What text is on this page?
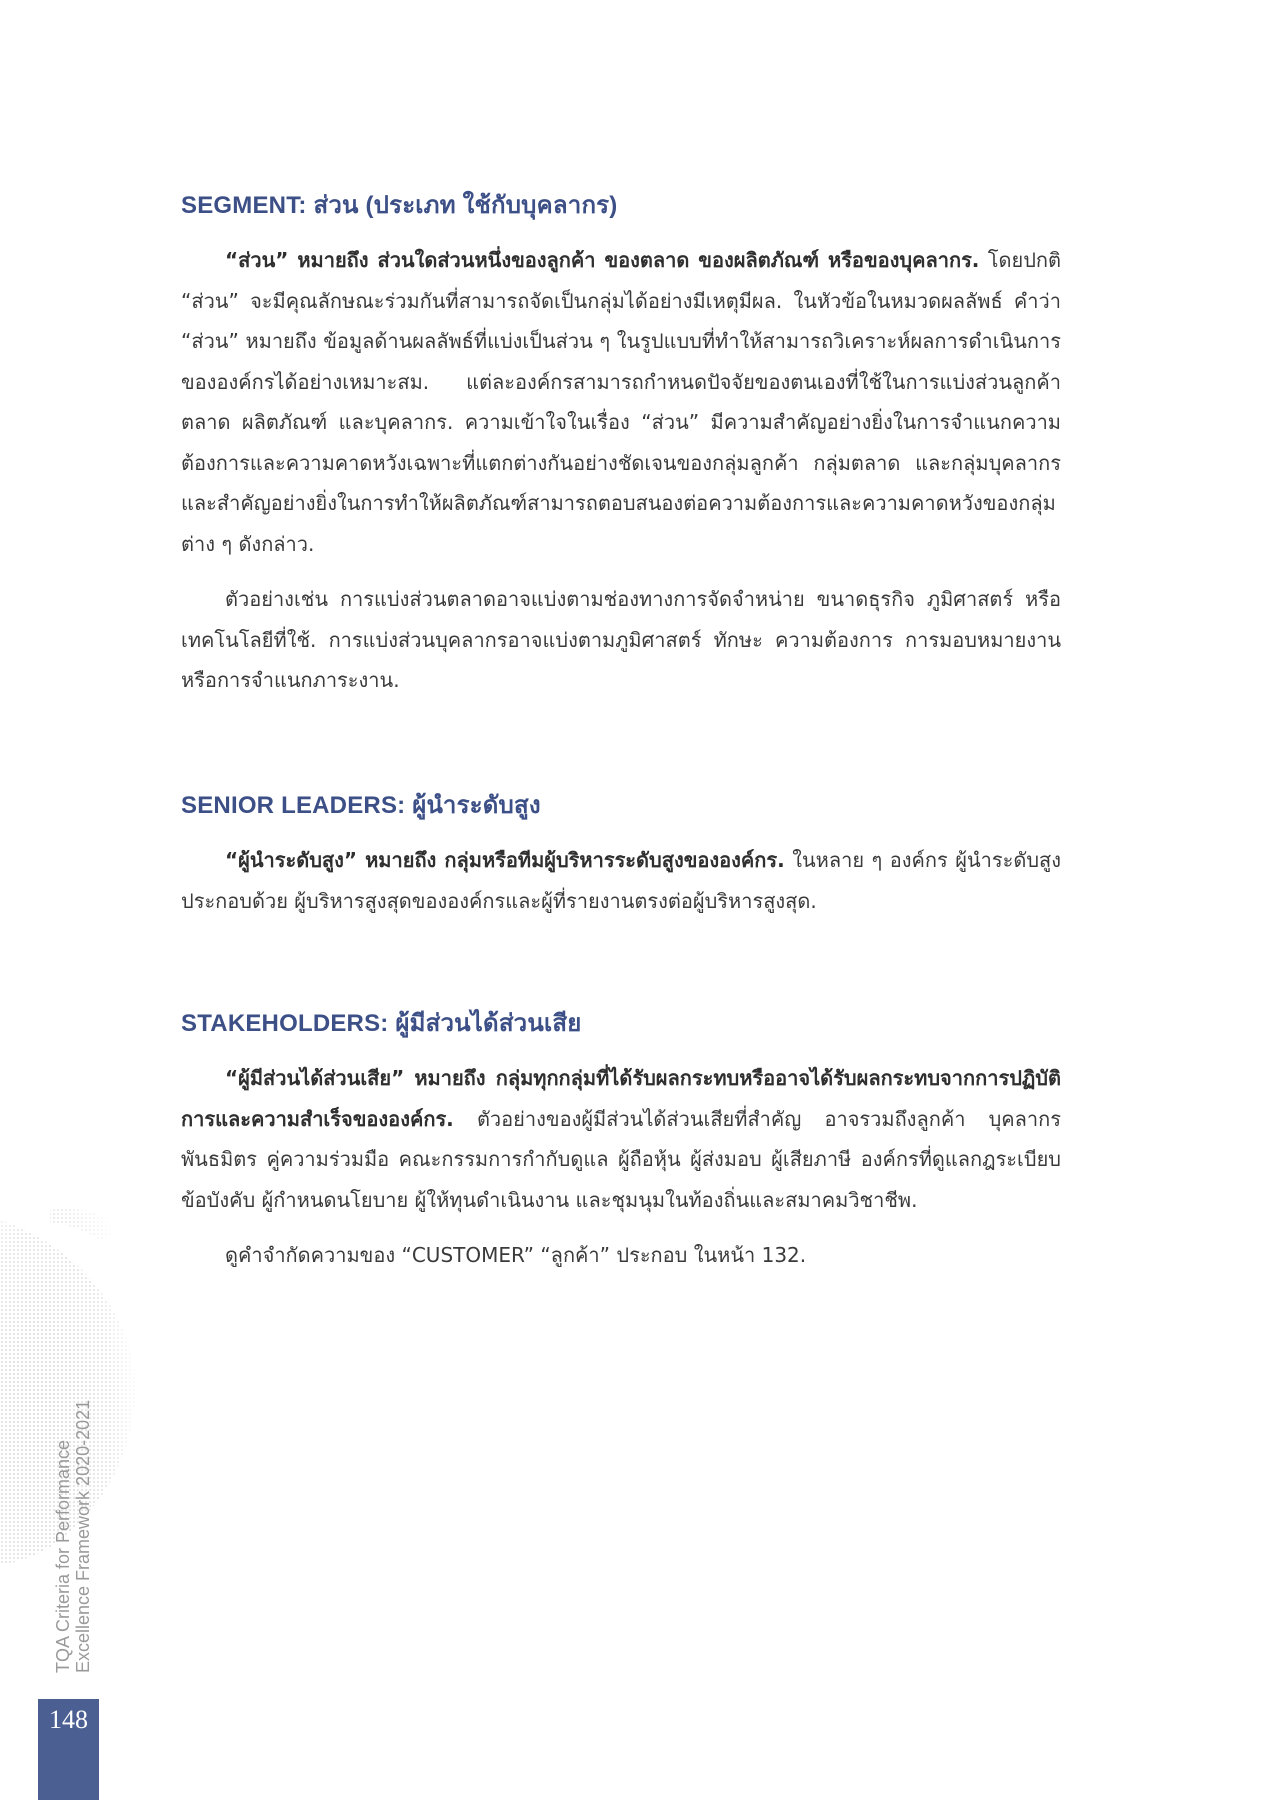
TQA Criteria for Performance Excellence Framework 2020-2021
148
SEGMENT: ส่วน (ประเภท ใช้กับบุคลากร)

“ส่วน” หมายถึง ส่วนใดส่วนหนึ่งของลูกค้า ของตลาด ของผลิตภัณฑ์ หรือของบุคลากร. โดยปกติ “ส่วน” จะมีคุณลักษณะร่วมกันที่สามารถจัดเป็นกลุ่มได้อย่างมีเหตุมีผล. ในหัวข้อในหมวดผลลัพธ์ คำว่า “ส่วน” หมายถึง ข้อมูลด้านผลลัพธ์ที่แบ่งเป็นส่วน ๆ ในรูปแบบที่ทำให้สามารถวิเคราะห์ผลการดำเนินการขององค์กรได้อย่างเหมาะสม. แต่ละองค์กรสามารถกำหนดปัจจัยของตนเองที่ใช้ในการแบ่งส่วนลูกค้า ตลาด ผลิตภัณฑ์ และบุคลากร. ความเข้าใจในเรื่อง “ส่วน” มีความสำคัญอย่างยิ่งในการจำแนกความต้องการและความคาดหวังเฉพาะที่แตกต่างกันอย่างชัดเจนของกลุ่มลูกค้า กลุ่มตลาด และกลุ่มบุคลากร และสำคัญอย่างยิ่งในการทำให้ผลิตภัณฑ์สามารถตอบสนองต่อความต้องการและความคาดหวังของกลุ่มต่าง ๆ ดังกล่าว.

ตัวอย่างเช่น การแบ่งส่วนตลาดอาจแบ่งตามช่องทางการจัดจำหน่าย ขนาดธุรกิจ ภูมิศาสตร์ หรือเทคโนโลยีที่ใช้. การแบ่งส่วนบุคลากรอาจแบ่งตามภูมิศาสตร์ ทักษะ ความต้องการ การมอบหมายงาน หรือการจำแนกภาระงาน.

SENIOR LEADERS: ผู้นำระดับสูง

“ผู้นำระดับสูง” หมายถึง กลุ่มหรือทีมผู้บริหารระดับสูงขององค์กร. ในหลาย ๆ องค์กร ผู้นำระดับสูง ประกอบด้วย ผู้บริหารสูงสุดขององค์กรและผู้ที่รายงานตรงต่อผู้บริหารสูงสุด.

STAKEHOLDERS: ผู้มีส่วนได้ส่วนเสีย

“ผู้มีส่วนได้ส่วนเสีย” หมายถึง กลุ่มทุกกลุ่มที่ได้รับผลกระทบหรืออาจได้รับผลกระทบจากการปฏิบัติการและความสำเร็จขององค์กร. ตัวอย่างของผู้มีส่วนได้ส่วนเสียที่สำคัญ อาจรวมถึงลูกค้า บุคลากร พันธมิตร คู่ความร่วมมือ คณะกรรมการกำกับดูแล ผู้ถือหุ้น ผู้ส่งมอบ ผู้เสียภาษี องค์กรที่ดูแลกฎระเบียบข้อบังคับ ผู้กำหนดนโยบาย ผู้ให้ทุนดำเนินงาน และชุมนุมในท้องถิ่นและสมาคมวิชาชีพ.

ดูคำจำกัดความของ “CUSTOMER” “ลูกค้า” ประกอบ ในหน้า 132.
